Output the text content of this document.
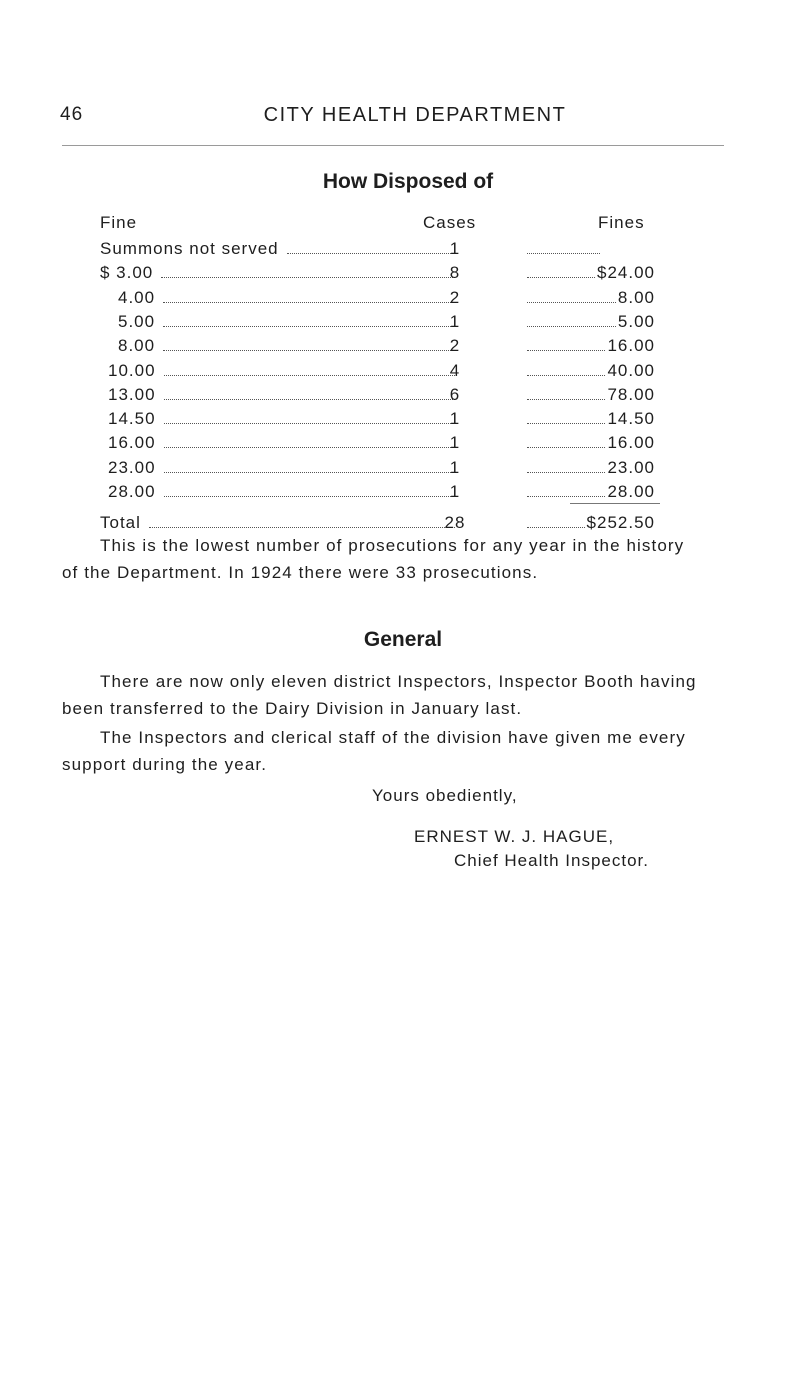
46	CITY HEALTH DEPARTMENT
How Disposed of
Fine	Cases	Fines
Summons not served	1
$ 3.00	8	$24.00
4.00	2	8.00
5.00	1	5.00
8.00	2	16.00
10.00	4	40.00
13.00	6	78.00
14.50	1	14.50
16.00	1	16.00
23.00	1	23.00
28.00	1	28.00
Total	28	$252.50
This is the lowest number of prosecutions for any year in the history
of the Department. In 1924 there were 33 prosecutions.
General
There are now only eleven district Inspectors, Inspector Booth having
been transferred to the Dairy Division in January last.
The Inspectors and clerical staff of the division have given me every
support during the year.
Yours obediently,
ERNEST W. J. HAGUE,
Chief Health Inspector.
